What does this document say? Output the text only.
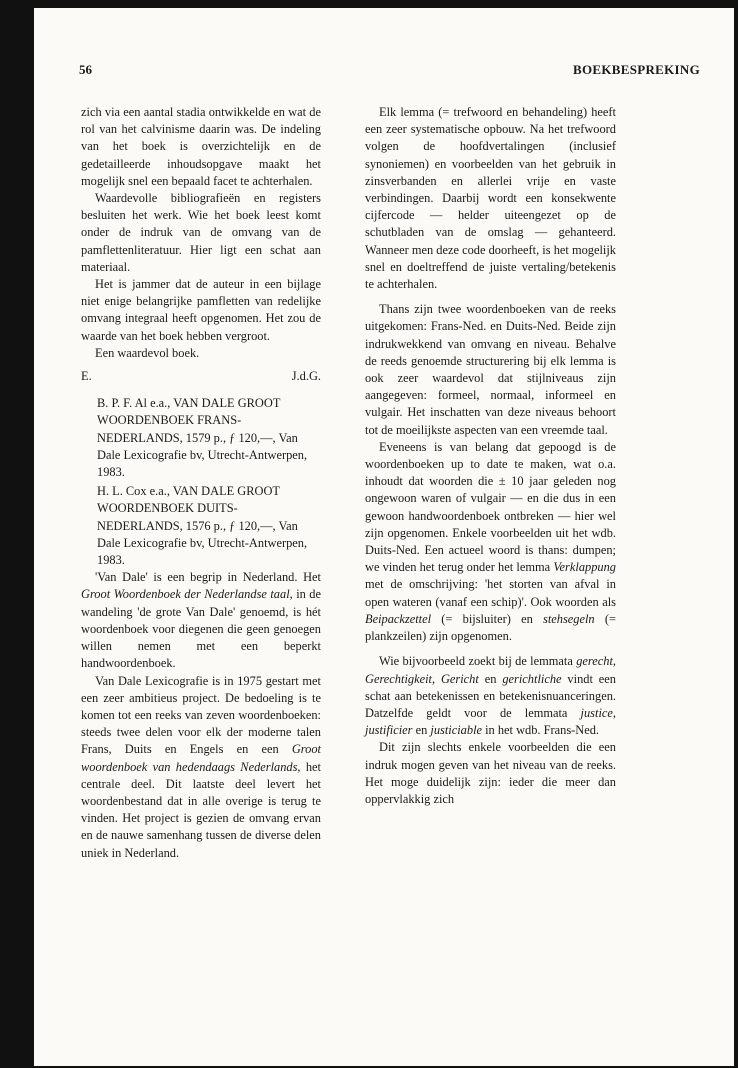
56	BOEKBESPREKING

zich via een aantal stadia ontwikkelde en wat de rol van het calvinisme daarin was. De indeling van het boek is overzichtelijk en de gedetailleerde inhoudsopgave maakt het mogelijk snel een bepaald facet te achterhalen.

Waardevolle bibliografieën en registers besluiten het werk. Wie het boek leest komt onder de indruk van de omvang van de pamflettenliteratuur. Hier ligt een schat aan materiaal.

Het is jammer dat de auteur in een bijlage niet enige belangrijke pamfletten van redelijke omvang integraal heeft opgenomen. Het zou de waarde van het boek hebben vergroot.

Een waardevol boek.

E.	J.d.G.

B. P. F. Al e.a., VAN DALE GROOT WOORDENBOEK FRANS-NEDERLANDS, 1579 p., ƒ 120,—, Van Dale Lexicografie bv, Utrecht-Antwerpen, 1983.

H. L. Cox e.a., VAN DALE GROOT WOORDENBOEK DUITS-NEDERLANDS, 1576 p., ƒ 120,—, Van Dale Lexicografie bv, Utrecht-Antwerpen, 1983.

'Van Dale' is een begrip in Nederland. Het Groot Woordenboek der Nederlandse taal, in de wandeling 'de grote Van Dale' genoemd, is hét woordenboek voor diegenen die geen genoegen willen nemen met een beperkt handwoordenboek.

Van Dale Lexicografie is in 1975 gestart met een zeer ambitieus project. De bedoeling is te komen tot een reeks van zeven woordenboeken: steeds twee delen voor elk der moderne talen Frans, Duits en Engels en een Groot woordenboek van hedendaags Nederlands, het centrale deel. Dit laatste deel levert het woordenbestand dat in alle overige is terug te vinden. Het project is gezien de omvang ervan en de nauwe samenhang tussen de diverse delen uniek in Nederland.

Elk lemma (= trefwoord en behandeling) heeft een zeer systematische opbouw. Na het trefwoord volgen de hoofdvertalingen (inclusief synoniemen) en voorbeelden van het gebruik in zinsverbanden en allerlei vrije en vaste verbindingen. Daarbij wordt een konsekwente cijfercode — helder uiteengezet op de schutbladen van de omslag — gehanteerd. Wanneer men deze code doorheeft, is het mogelijk snel en doeltreffend de juiste vertaling/betekenis te achterhalen.

Thans zijn twee woordenboeken van de reeks uitgekomen: Frans-Ned. en Duits-Ned. Beide zijn indrukwekkend van omvang en niveau. Behalve de reeds genoemde structurering bij elk lemma is ook zeer waardevol dat stijlniveaus zijn aangegeven: formeel, normaal, informeel en vulgair. Het inschatten van deze niveaus behoort tot de moeilijkste aspecten van een vreemde taal.

Eveneens is van belang dat gepoogd is de woordenboeken up to date te maken, wat o.a. inhoudt dat woorden die ± 10 jaar geleden nog ongewoon waren of vulgair — en die dus in een gewoon handwoordenboek ontbreken — hier wel zijn opgenomen. Enkele voorbeelden uit het wdb. Duits-Ned. Een actueel woord is thans: dumpen; we vinden het terug onder het lemma Verklappung met de omschrijving: 'het storten van afval in open wateren (vanaf een schip)'. Ook woorden als Beipackzettel (= bijsluiter) en stehsegeln (= plankzeilen) zijn opgenomen.

Wie bijvoorbeeld zoekt bij de lemmata gerecht, Gerechtigkeit, Gericht en gerichtliche vindt een schat aan betekenissen en betekenisnuanceringen. Datzelfde geldt voor de lemmata justice, justificier en justiciable in het wdb. Frans-Ned.

Dit zijn slechts enkele voorbeelden die een indruk mogen geven van het niveau van de reeks. Het moge duidelijk zijn: ieder die meer dan oppervlakkig zich
